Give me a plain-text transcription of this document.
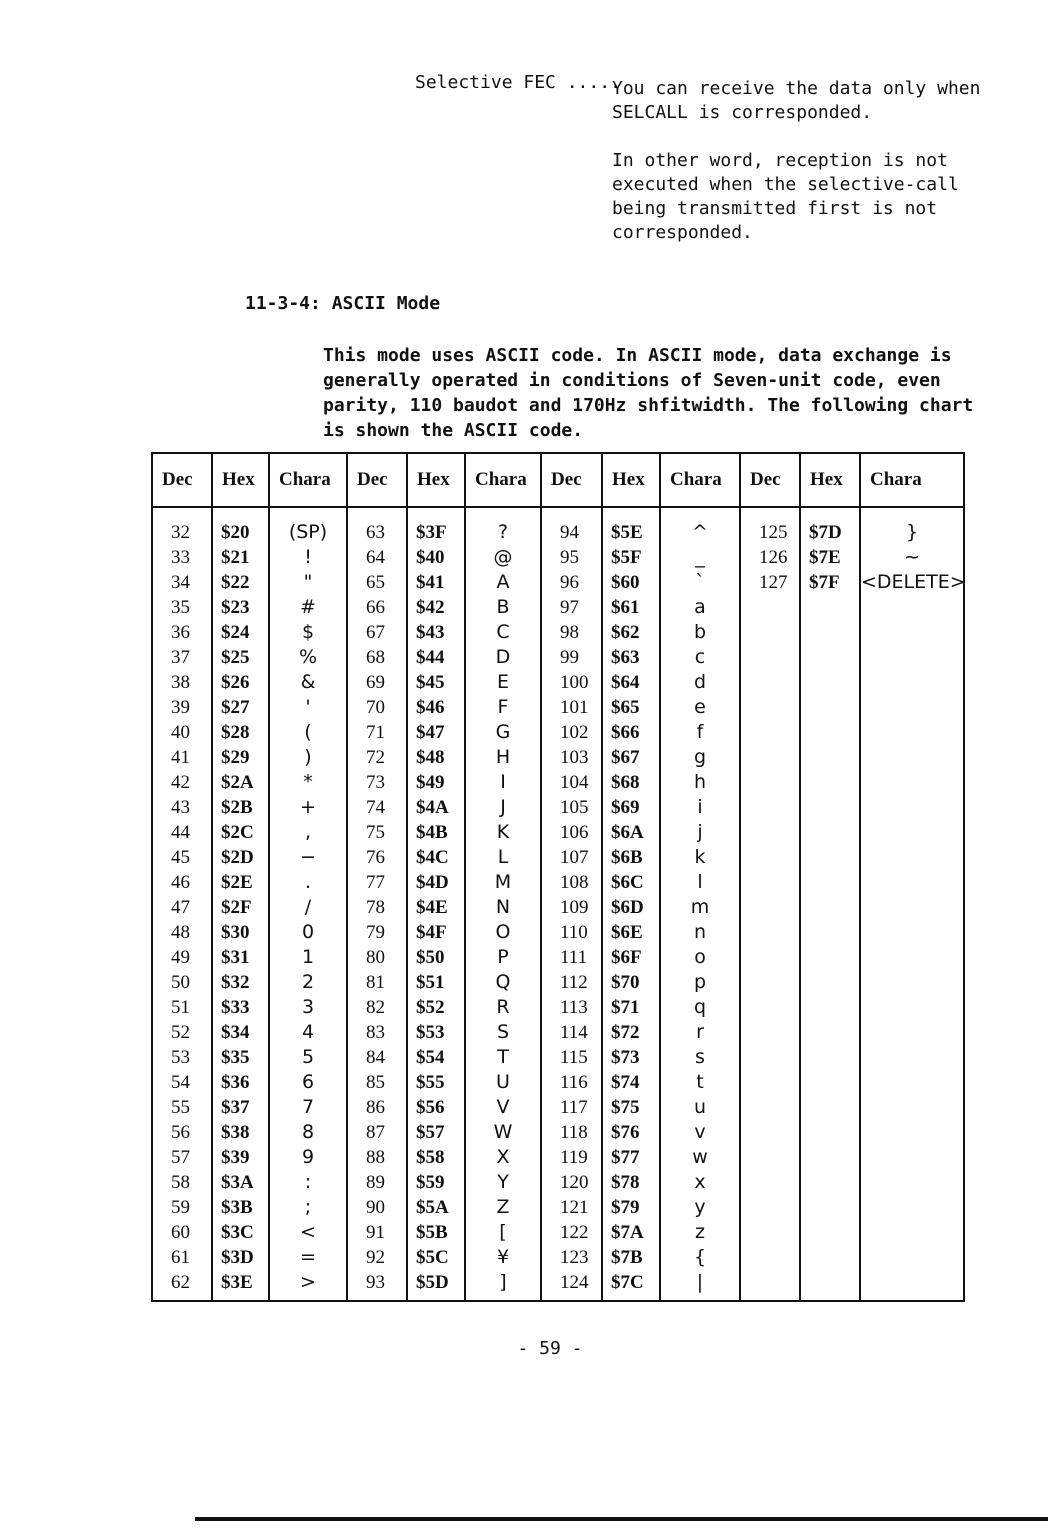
Selective FEC .....

You can receive the data only when SELCALL is corresponded.

In other word, reception is not executed when the selective-call being transmitted first is not corresponded.

11-3-4: ASCII Mode
This mode uses ASCII code. In ASCII mode, data exchange is generally operated in conditions of Seven-unit code, even parity, 110 baudot and 170Hz shfitwidth. The following chart is shown the ASCII code.
Dec	Hex	Chara	Dec	Hex	Chara	Dec	Hex	Chara	Dec	Hex	Chara
32	$20	(SP)	63	$3F	?	94	$5E	^	125	$7D	}
33	$21	!	64	$40	@	95	$5F	_	126	$7E	~
34	$22	"	65	$41	A	96	$60	`	127	$7F	<DELETE>
35	$23	#	66	$42	B	97	$61	a			
36	$24	$	67	$43	C	98	$62	b			
37	$25	%	68	$44	D	99	$63	c			
38	$26	&	69	$45	E	100	$64	d			
39	$27	'	70	$46	F	101	$65	e			
40	$28	(	71	$47	G	102	$66	f			
41	$29	)	72	$48	H	103	$67	g			
42	$2A	*	73	$49	I	104	$68	h			
43	$2B	+	74	$4A	J	105	$69	i			
44	$2C	,	75	$4B	K	106	$6A	j			
45	$2D	−	76	$4C	L	107	$6B	k			
46	$2E	.	77	$4D	M	108	$6C	l			
47	$2F	/	78	$4E	N	109	$6D	m			
48	$30	0	79	$4F	O	110	$6E	n			
49	$31	1	80	$50	P	111	$6F	o			
50	$32	2	81	$51	Q	112	$70	p			
51	$33	3	82	$52	R	113	$71	q			
52	$34	4	83	$53	S	114	$72	r			
53	$35	5	84	$54	T	115	$73	s			
54	$36	6	85	$55	U	116	$74	t			
55	$37	7	86	$56	V	117	$75	u			
56	$38	8	87	$57	W	118	$76	v			
57	$39	9	88	$58	X	119	$77	w			
58	$3A	:	89	$59	Y	120	$78	x			
59	$3B	;	90	$5A	Z	121	$79	y			
60	$3C	<	91	$5B	[	122	$7A	z			
61	$3D	=	92	$5C	¥	123	$7B	{			
62	$3E	>	93	$5D	]	124	$7C	|			

- 59 -
